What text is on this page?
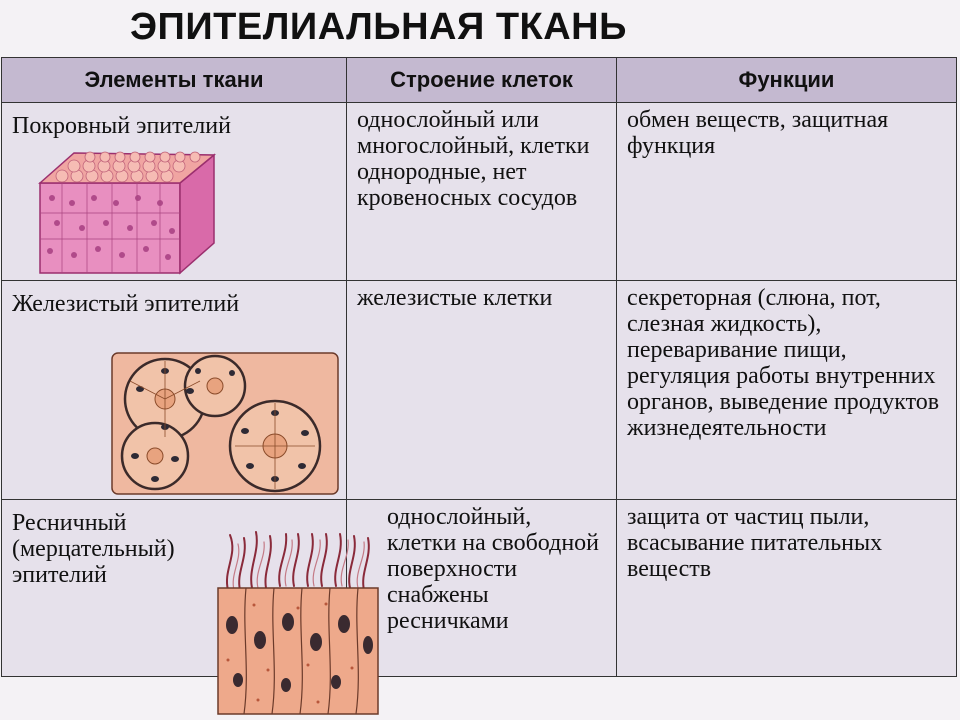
ЭПИТЕЛИАЛЬНАЯ ТКАНЬ
Элементы ткани	Строение клеток	Функции

Покровный эпителий	однослойный или многослойный, клетки однородные, нет кровеносных сосудов	обмен веществ, защитная функция

Железистый эпителий	железистые клетки	секреторная (слюна, пот, слезная жидкость), переваривание пищи, регуляция работы внутренних органов, выведение продуктов жизнедеятельности

Ресничный (мерцательный) эпителий	однослойный, клетки на свободной поверхности снабжены ресничками	защита от частиц пыли, всасывание питательных веществ
